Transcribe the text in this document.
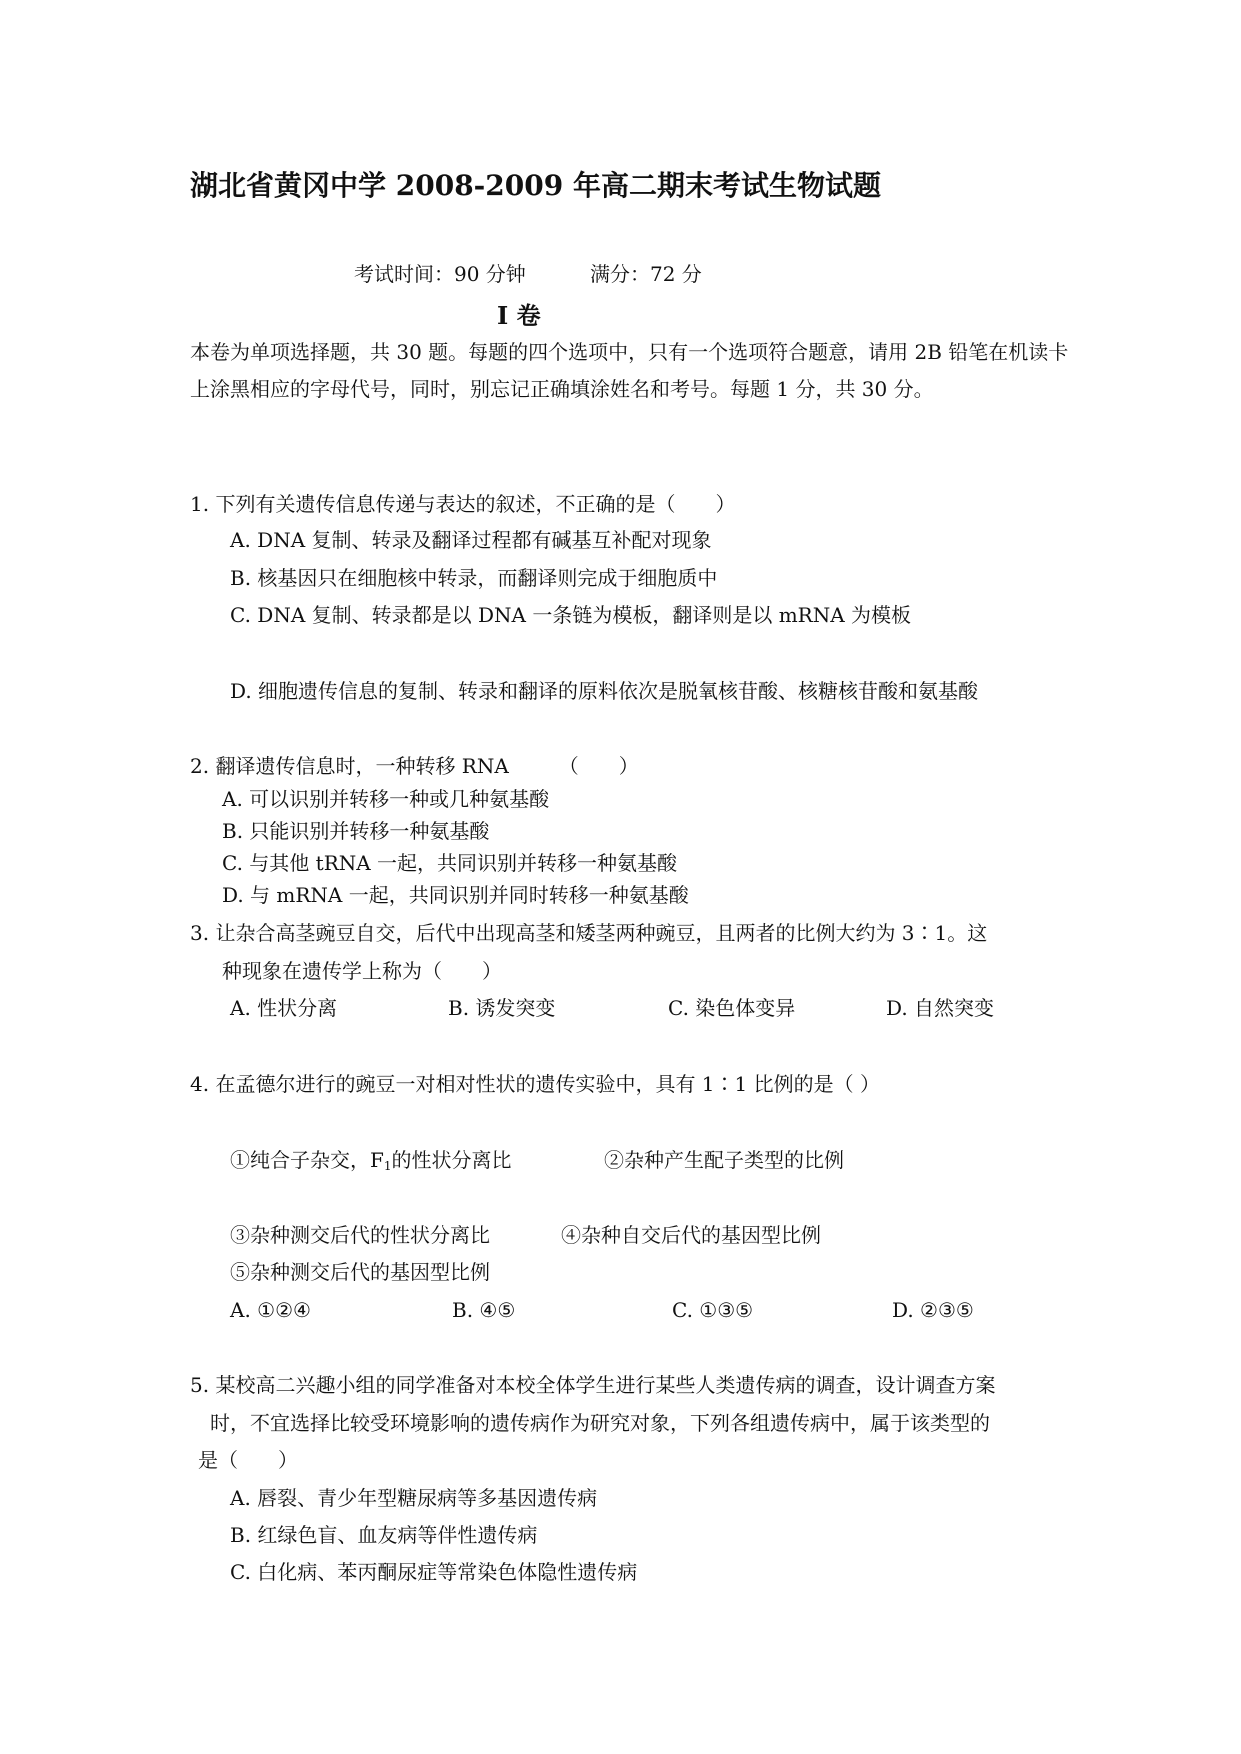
湖北省黄冈中学 2008-2009 年高二期末考试生物试题
考试时间：90 分钟	满分：72 分
I 卷
本卷为单项选择题，共 30 题。每题的四个选项中，只有一个选项符合题意，请用 2B 铅笔在机读卡上涂黑相应的字母代号，同时，别忘记正确填涂姓名和考号。每题 1 分，共 30 分。
1. 下列有关遗传信息传递与表达的叙述，不正确的是（　　）
A. DNA 复制、转录及翻译过程都有碱基互补配对现象
B. 核基因只在细胞核中转录，而翻译则完成于细胞质中
C. DNA 复制、转录都是以 DNA 一条链为模板，翻译则是以 mRNA 为模板
D. 细胞遗传信息的复制、转录和翻译的原料依次是脱氧核苷酸、核糖核苷酸和氨基酸
2. 翻译遗传信息时，一种转移 RNA　　　（　　）
A. 可以识别并转移一种或几种氨基酸
B. 只能识别并转移一种氨基酸
C. 与其他 tRNA 一起，共同识别并转移一种氨基酸
D. 与 mRNA 一起，共同识别并同时转移一种氨基酸
3. 让杂合高茎豌豆自交，后代中出现高茎和矮茎两种豌豆，且两者的比例大约为 3∶1。这
种现象在遗传学上称为（　　）
A. 性状分离	B. 诱发突变	C. 染色体变异	D. 自然突变
4. 在孟德尔进行的豌豆一对相对性状的遗传实验中，具有 1∶1 比例的是（ ）
①纯合子杂交，$F_1$的性状分离比	②杂种产生配子类型的比例
③杂种测交后代的性状分离比	④杂种自交后代的基因型比例
⑤杂种测交后代的基因型比例
A. ①②④	B. ④⑤	C. ①③⑤	D. ②③⑤
5. 某校高二兴趣小组的同学准备对本校全体学生进行某些人类遗传病的调查，设计调查方案
时，不宜选择比较受环境影响的遗传病作为研究对象，下列各组遗传病中，属于该类型的
是（　　）
A. 唇裂、青少年型糖尿病等多基因遗传病
B. 红绿色盲、血友病等伴性遗传病
C. 白化病、苯丙酮尿症等常染色体隐性遗传病
